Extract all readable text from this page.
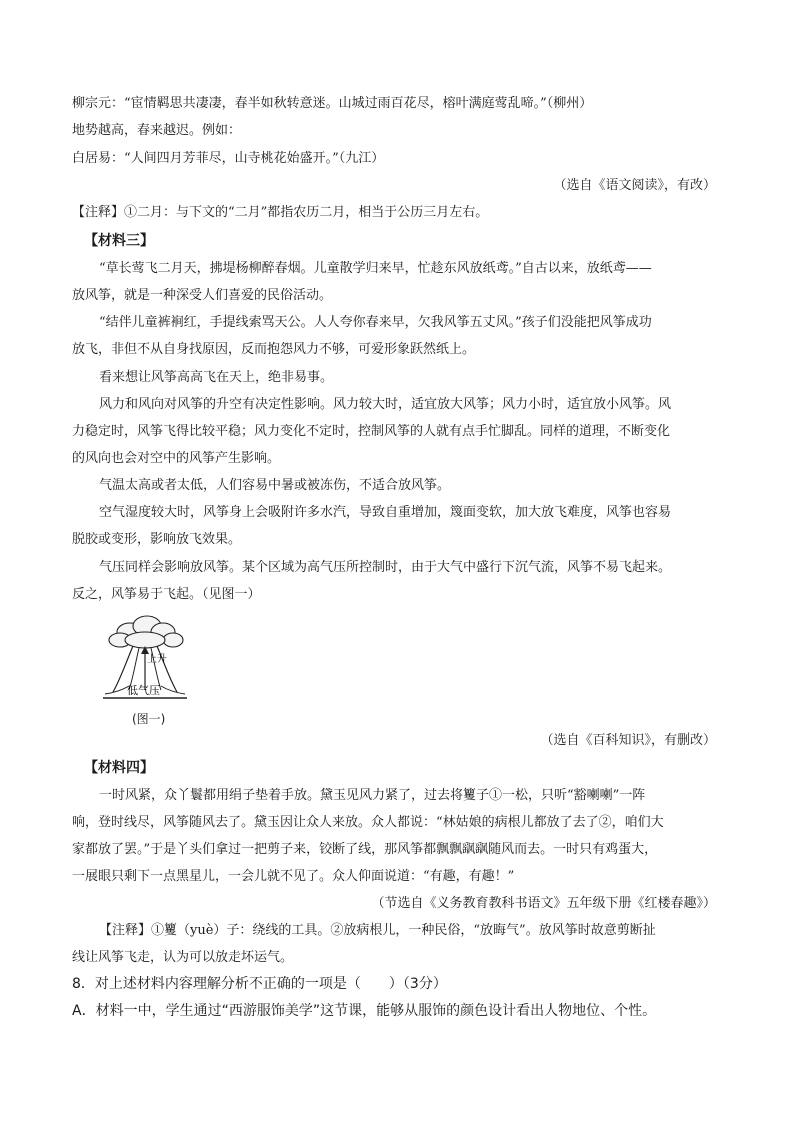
柳宗元：“宦情羁思共凄凄，春半如秋转意迷。山城过雨百花尽，榕叶满庭莺乱啼。”（柳州）
地势越高，春来越迟。例如：
白居易：“人间四月芳菲尽，山寺桃花始盛开。”（九江）
（选自《语文阅读》，有改）
【注释】①二月：与下文的“二月”都指农历二月，相当于公历三月左右。
【材料三】
“草长莺飞二月天，拂堤杨柳醉春烟。儿童散学归来早，忙趁东风放纸鸢。”自古以来，放纸鸢——
放风筝，就是一种深受人们喜爱的民俗活动。
“结伴儿童裤裥红，手提线索骂天公。人人夸你春来早，欠我风筝五丈风。”孩子们没能把风筝成功
放飞，非但不从自身找原因，反而抱怨风力不够，可爱形象跃然纸上。
看来想让风筝高高飞在天上，绝非易事。
风力和风向对风筝的升空有决定性影响。风力较大时，适宜放大风筝；风力小时，适宜放小风筝。风
力稳定时，风筝飞得比较平稳；风力变化不定时，控制风筝的人就有点手忙脚乱。同样的道理，不断变化
的风向也会对空中的风筝产生影响。
气温太高或者太低，人们容易中暑或被冻伤，不适合放风筝。
空气湿度较大时，风筝身上会吸附许多水汽，导致自重增加，篾面变软，加大放飞难度，风筝也容易
脱胶或变形，影响放飞效果。
气压同样会影响放风筝。某个区域为高气压所控制时，由于大气中盛行下沉气流，风筝不易飞起来。
反之，风筝易于飞起。（见图一）
上升
低气压
(图一)
（选自《百科知识》，有删改）
【材料四】
一时风紧，众丫鬟都用绢子垫着手放。黛玉见风力紧了，过去将籰子①一松，只听“豁喇喇”一阵
响，登时线尽，风筝随风去了。黛玉因让众人来放。众人都说：“林姑娘的病根儿都放了去了②，咱们大
家都放了罢。”于是丫头们拿过一把剪子来，铰断了线，那风筝都飘飘飖飖随风而去。一时只有鸡蛋大，
一展眼只剩下一点黑星儿，一会儿就不见了。众人仰面说道：“有趣，有趣！”
（节选自《义务教育教科书语文》五年级下册《红楼春趣》）
【注释】①籰（yuè）子：绕线的工具。②放病根儿，一种民俗，“放晦气”。放风筝时故意剪断扯
线让风筝飞走，认为可以放走坏运气。
8．对上述材料内容理解分析不正确的一项是（　　）（3分）
A．材料一中，学生通过“西游服饰美学”这节课，能够从服饰的颜色设计看出人物地位、个性。
